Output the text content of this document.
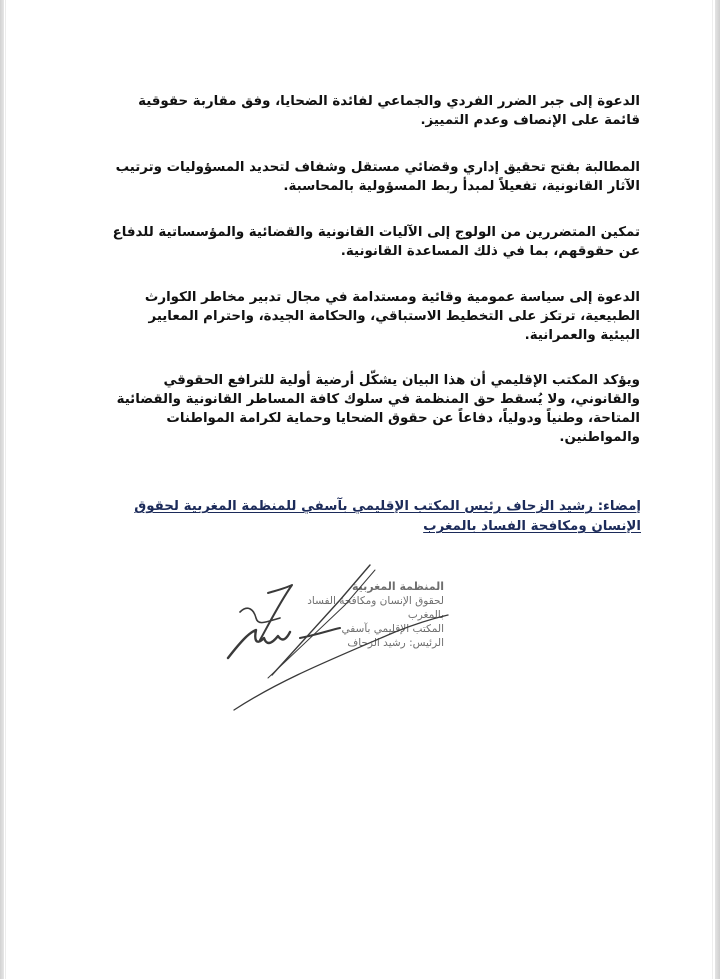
الدعوة إلى جبر الضرر الفردي والجماعي لفائدة الضحايا، وفق مقاربة حقوقية قائمة على الإنصاف وعدم التمييز.

المطالبة بفتح تحقيق إداري وقضائي مستقل وشفاف لتحديد المسؤوليات وترتيب الآثار القانونية، تفعيلاً لمبدأ ربط المسؤولية بالمحاسبة.

تمكين المتضررين من الولوج إلى الآليات القانونية والقضائية والمؤسساتية للدفاع عن حقوقهم، بما في ذلك المساعدة القانونية.

الدعوة إلى سياسة عمومية وقائية ومستدامة في مجال تدبير مخاطر الكوارث الطبيعية، ترتكز على التخطيط الاستباقي، والحكامة الجيدة، واحترام المعايير البيئية والعمرانية.

ويؤكد المكتب الإقليمي أن هذا البيان يشكّل أرضية أولية للترافع الحقوقي والقانوني، ولا يُسقط حق المنظمة في سلوك كافة المساطر القانونية والقضائية المتاحة، وطنياً ودولياً، دفاعاً عن حقوق الضحايا وحماية لكرامة المواطنات والمواطنين.

إمضاء: رشيد الزحاف رئيس المكتب الإقليمي بآسفي للمنظمة المغربية لحقوق الإنسان ومكافحة الفساد بالمغرب
المنظمة المغربية
لحقوق الإنسان ومكافحة الفساد بالمغرب
المكتب الإقليمي بآسفي
الرئيس: رشيد الزحاف
